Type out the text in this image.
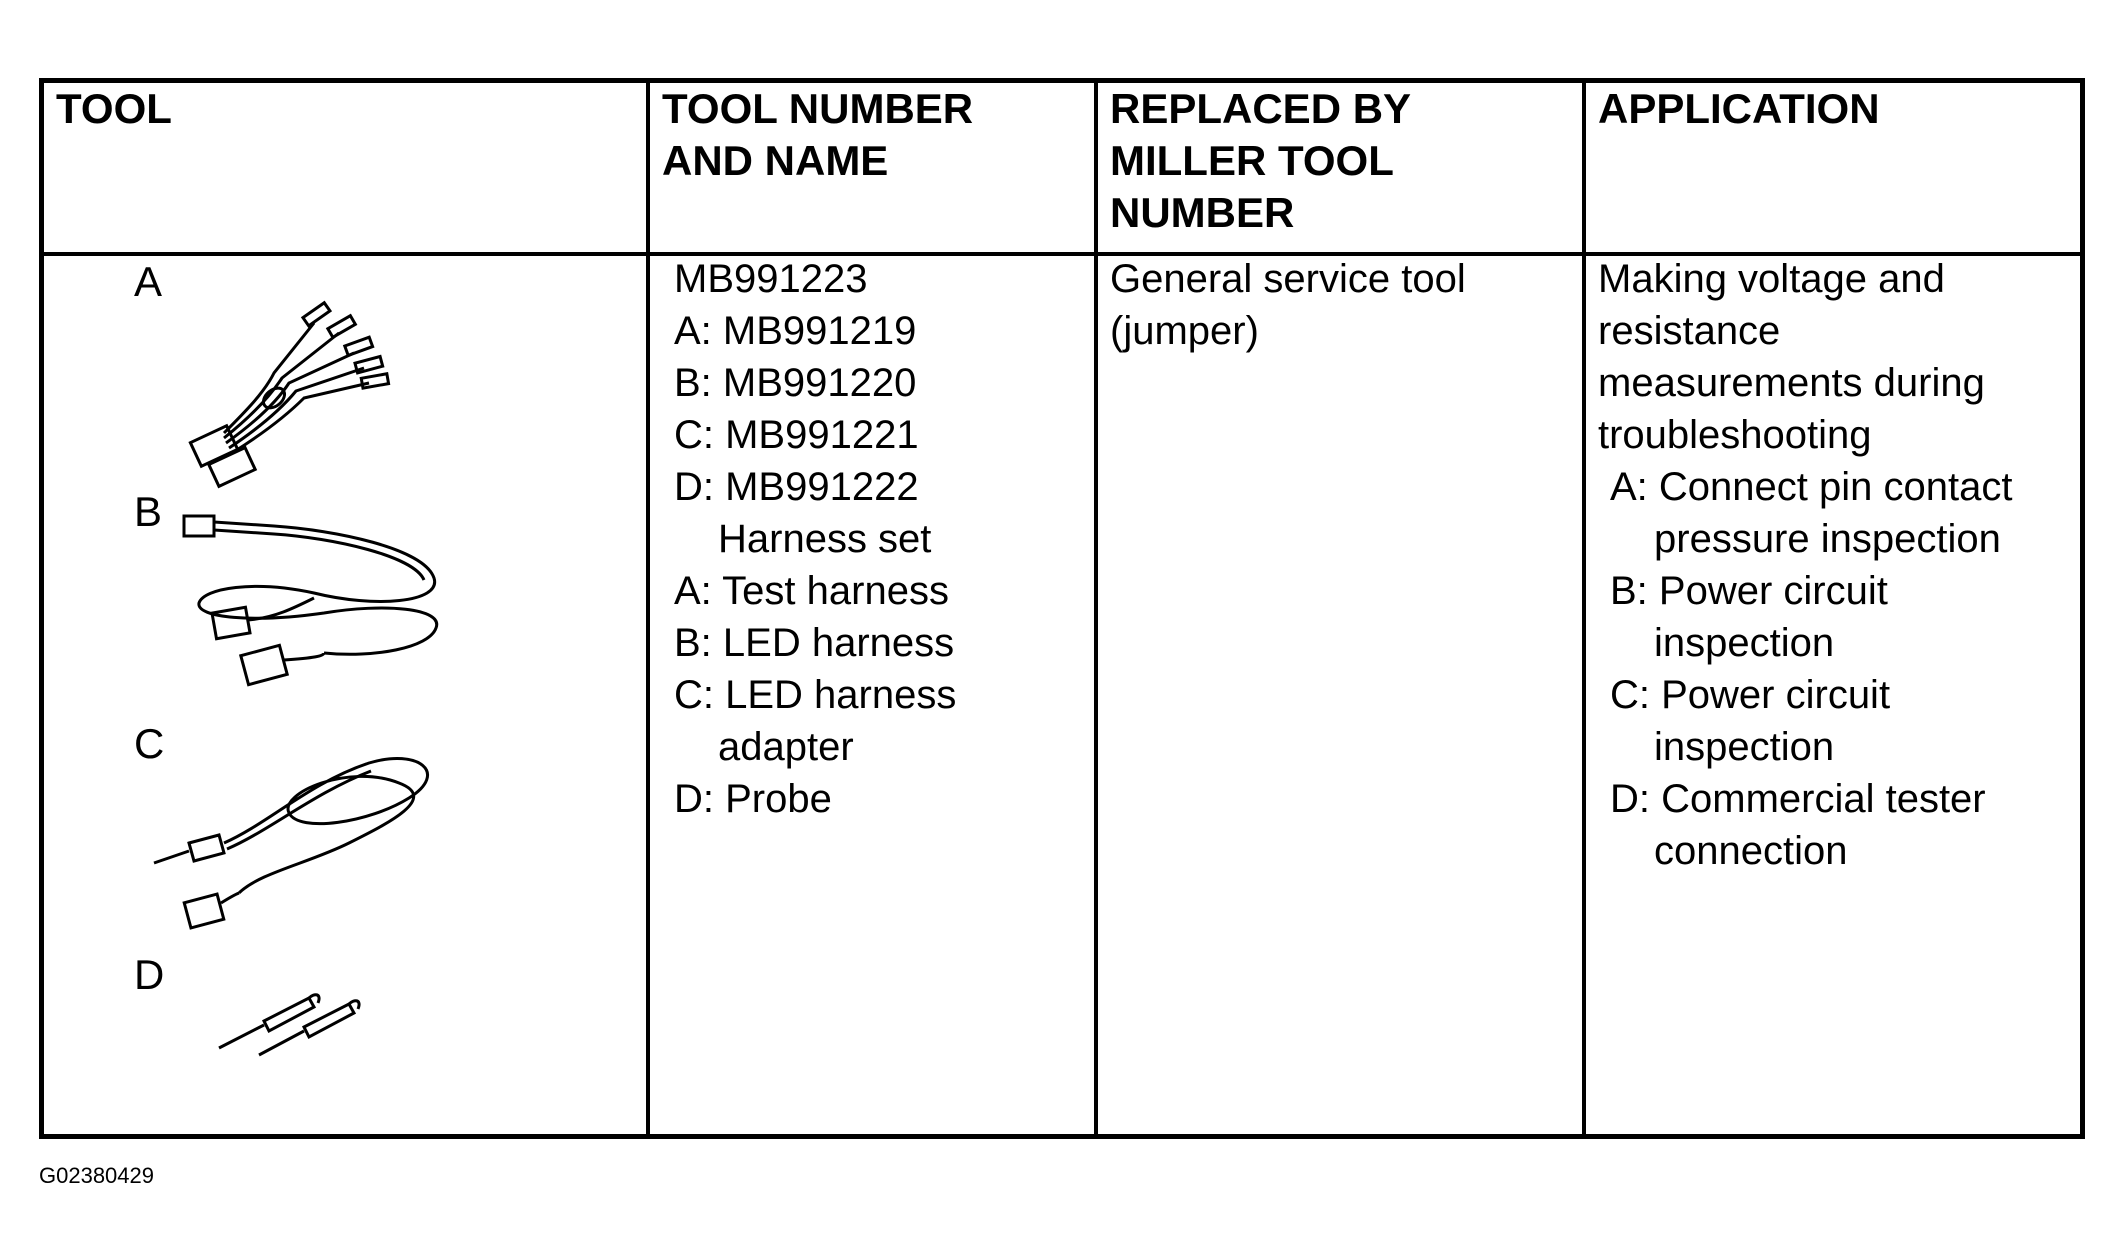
TOOL	TOOL NUMBER
AND NAME
REPLACED BY
MILLER TOOL
NUMBER
APPLICATION
A
B
C
D
MB991223
A: MB991219
B: MB991220
C: MB991221
D: MB991222
Harness set
A: Test harness
B: LED harness
C: LED harness
adapter
D: Probe
General service tool
(jumper)
Making voltage and
resistance
measurements during
troubleshooting
A: Connect pin contact
pressure inspection
B: Power circuit
inspection
C: Power circuit
inspection
D: Commercial tester
connection
G02380429
